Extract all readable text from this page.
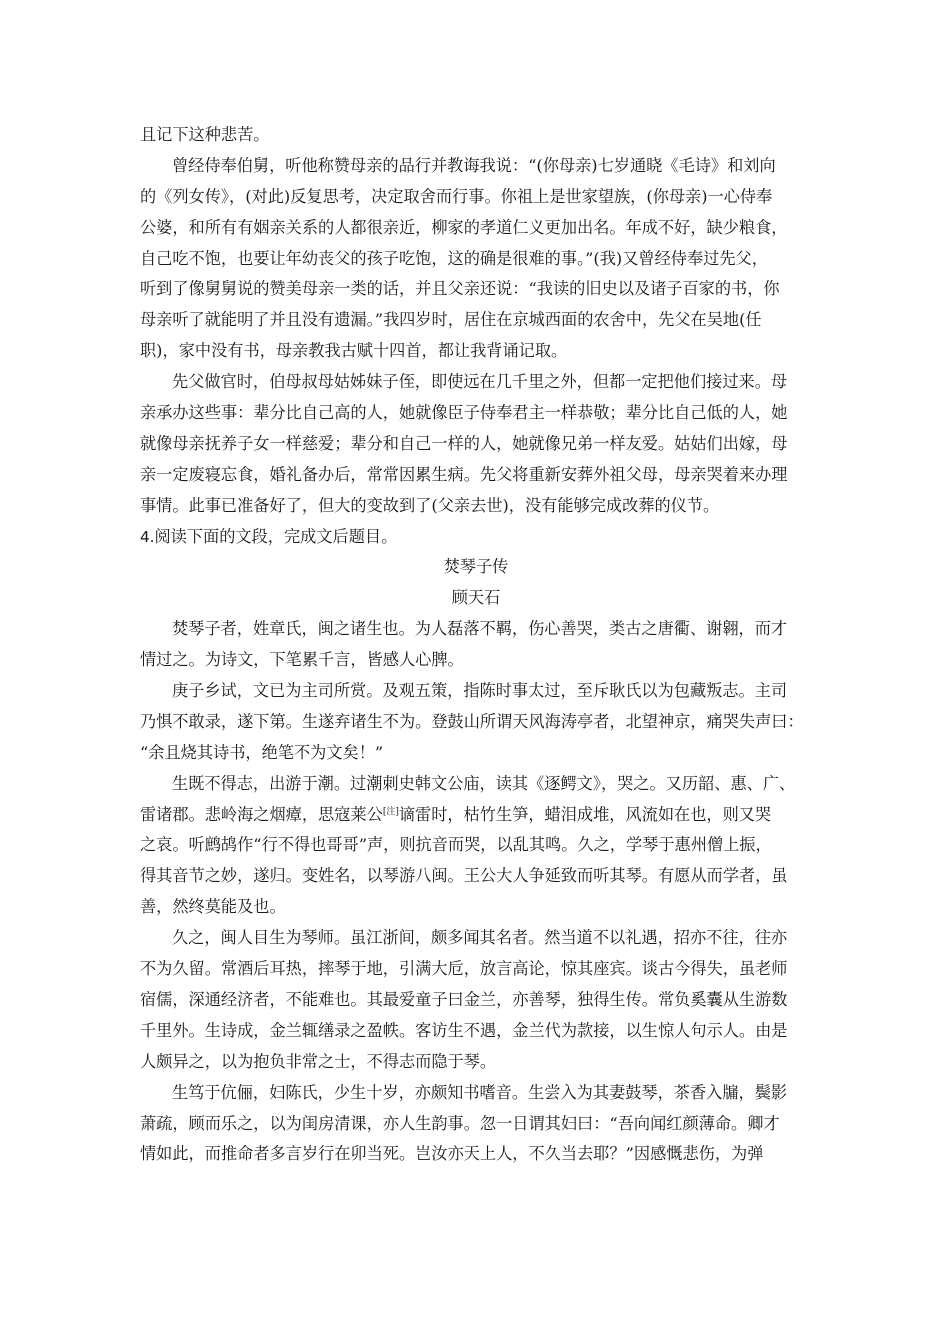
且记下这种悲苦。
曾经侍奉伯舅，听他称赞母亲的品行并教诲我说：“(你母亲)七岁通晓《毛诗》和刘向
的《列女传》，(对此)反复思考，决定取舍而行事。你祖上是世家望族，(你母亲)一心侍奉
公婆，和所有有姻亲关系的人都很亲近，柳家的孝道仁义更加出名。年成不好，缺少粮食，
自己吃不饱，也要让年幼丧父的孩子吃饱，这的确是很难的事。”(我)又曾经侍奉过先父，
听到了像舅舅说的赞美母亲一类的话，并且父亲还说：“我读的旧史以及诸子百家的书，你
母亲听了就能明了并且没有遗漏。”我四岁时，居住在京城西面的农舍中，先父在吴地(任
职)，家中没有书，母亲教我古赋十四首，都让我背诵记取。
先父做官时，伯母叔母姑姊妹子侄，即使远在几千里之外，但都一定把他们接过来。母
亲承办这些事：辈分比自己高的人，她就像臣子侍奉君主一样恭敬；辈分比自己低的人，她
就像母亲抚养子女一样慈爱；辈分和自己一样的人，她就像兄弟一样友爱。姑姑们出嫁，母
亲一定废寝忘食，婚礼备办后，常常因累生病。先父将重新安葬外祖父母，母亲哭着来办理
事情。此事已准备好了，但大的变故到了(父亲去世)，没有能够完成改葬的仪节。
4.阅读下面的文段，完成文后题目。
焚琴子传
顾天石
焚琴子者，姓章氏，闽之诸生也。为人磊落不羁，伤心善哭，类古之唐衢、谢翱，而才
情过之。为诗文，下笔累千言，皆感人心脾。
庚子乡试，文已为主司所赏。及观五策，指陈时事太过，至斥耿氏以为包藏叛志。主司
乃惧不敢录，遂下第。生遂弃诸生不为。登鼓山所谓天风海涛亭者，北望神京，痛哭失声曰：
“余且烧其诗书，绝笔不为文矣！”
生既不得志，出游于潮。过潮刺史韩文公庙，读其《逐鳄文》，哭之。又历韶、惠、广、
雷诸郡。悲岭海之烟瘴，思寇莱公[注]谪雷时，枯竹生笋，蜡泪成堆，风流如在也，则又哭
之哀。听鹧鸪作“行不得也哥哥”声，则抗音而哭，以乱其鸣。久之，学琴于惠州僧上振，
得其音节之妙，遂归。变姓名，以琴游八闽。王公大人争延致而听其琴。有愿从而学者，虽
善，然终莫能及也。
久之，闽人目生为琴师。虽江浙间，颇多闻其名者。然当道不以礼遇，招亦不往，往亦
不为久留。常酒后耳热，摔琴于地，引满大卮，放言高论，惊其座宾。谈古今得失，虽老师
宿儒，深通经济者，不能难也。其最爱童子曰金兰，亦善琴，独得生传。常负奚囊从生游数
千里外。生诗成，金兰辄缮录之盈帙。客访生不遇，金兰代为款接，以生惊人句示人。由是
人颇异之，以为抱负非常之士，不得志而隐于琴。
生笃于伉俪，妇陈氏，少生十岁，亦颇知书嗜音。生尝入为其妻鼓琴，茶香入牖，鬓影
萧疏，顾而乐之，以为闺房清课，亦人生韵事。忽一日谓其妇曰：“吾向闻红颜薄命。卿才
情如此，而推命者多言岁行在卯当死。岂汝亦天上人，不久当去耶？”因感慨悲伤，为弹
